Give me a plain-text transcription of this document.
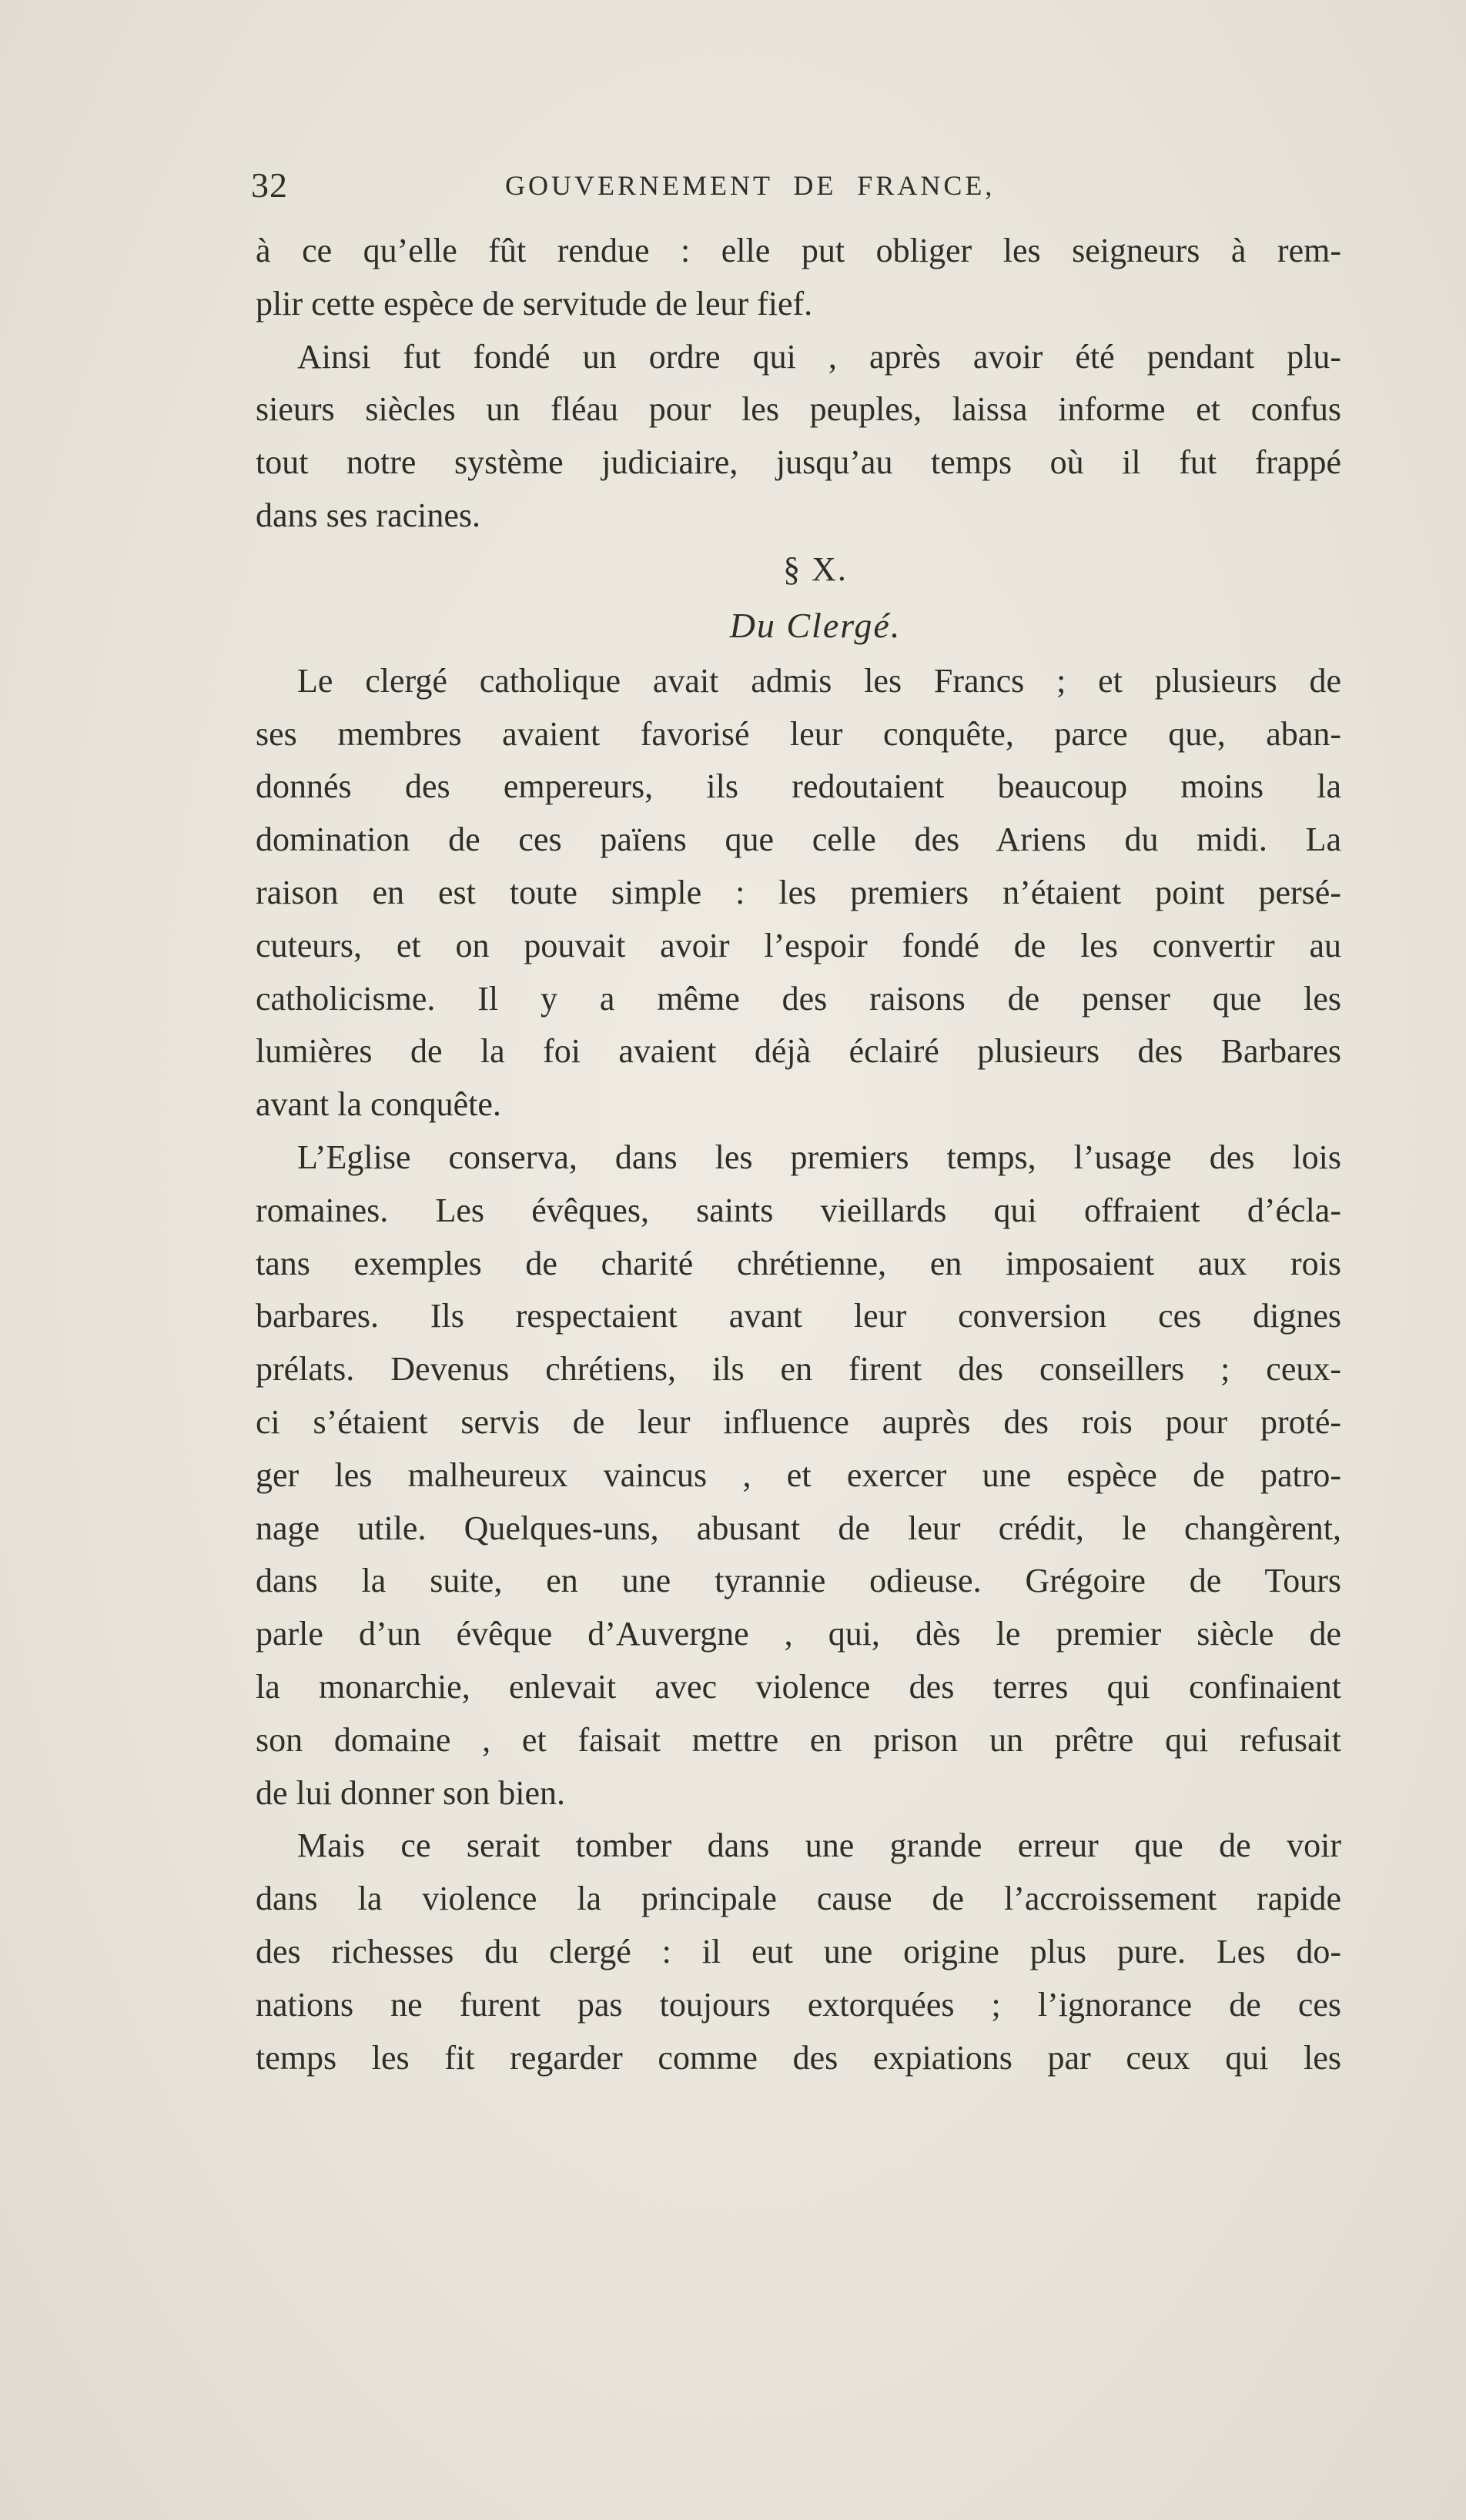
32	GOUVERNEMENT DE FRANCE,
à ce qu’elle fût rendue : elle put obliger les seigneurs à rem-
plir cette espèce de servitude de leur fief.
Ainsi fut fondé un ordre qui , après avoir été pendant plu-
sieurs siècles un fléau pour les peuples, laissa informe et confus
tout notre système judiciaire, jusqu’au temps où il fut frappé
dans ses racines.
§ X.
Du Clergé.
Le clergé catholique avait admis les Francs ; et plusieurs de
ses membres avaient favorisé leur conquête, parce que, aban-
donnés des empereurs, ils redoutaient beaucoup moins la
domination de ces païens que celle des Ariens du midi. La
raison en est toute simple : les premiers n’étaient point persé-
cuteurs, et on pouvait avoir l’espoir fondé de les convertir au
catholicisme. Il y a même des raisons de penser que les
lumières de la foi avaient déjà éclairé plusieurs des Barbares
avant la conquête.
L’Eglise conserva, dans les premiers temps, l’usage des lois
romaines. Les évêques, saints vieillards qui offraient d’écla-
tans exemples de charité chrétienne, en imposaient aux rois
barbares. Ils respectaient avant leur conversion ces dignes
prélats. Devenus chrétiens, ils en firent des conseillers ; ceux-
ci s’étaient servis de leur influence auprès des rois pour proté-
ger les malheureux vaincus , et exercer une espèce de patro-
nage utile. Quelques-uns, abusant de leur crédit, le changèrent,
dans la suite, en une tyrannie odieuse. Grégoire de Tours
parle d’un évêque d’Auvergne , qui, dès le premier siècle de
la monarchie, enlevait avec violence des terres qui confinaient
son domaine , et faisait mettre en prison un prêtre qui refusait
de lui donner son bien.
Mais ce serait tomber dans une grande erreur que de voir
dans la violence la principale cause de l’accroissement rapide
des richesses du clergé : il eut une origine plus pure. Les do-
nations ne furent pas toujours extorquées ; l’ignorance de ces
temps les fit regarder comme des expiations par ceux qui les
